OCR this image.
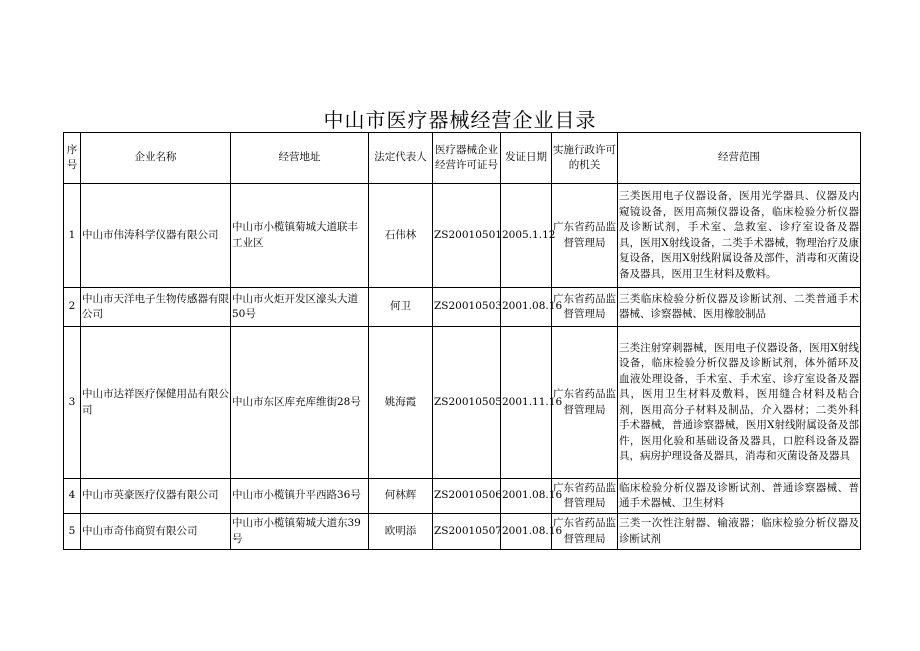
中山市医疗器械经营企业目录
序号	企业名称	经营地址	法定代表人	医疗器械企业经营许可证号	发证日期	实施行政许可的机关	经营范围
1	中山市伟涛科学仪器有限公司	中山市小榄镇菊城大道联丰工业区	石伟林	ZS20010501	2005.1.12	广东省药品监督管理局	三类医用电子仪器设备，医用光学器具、仪器及内窥镜设备，医用高频仪器设备，临床检验分析仪器及诊断试剂，手术室、急救室、诊疗室设备及器具，医用X射线设备，二类手术器械，物理治疗及康复设备，医用X射线附属设备及部件，消毒和灭菌设备及器具，医用卫生材料及敷料。
2	中山市天洋电子生物传感器有限公司	中山市火炬开发区濠头大道50号	何卫	ZS20010503	2001.08.16	广东省药品监督管理局	三类临床检验分析仪器及诊断试剂、二类普通手术器械、诊察器械、医用橡胶制品
3	中山市达祥医疗保健用品有限公司	中山市东区库充库维街28号	姚海霞	ZS20010505	2001.11.16	广东省药品监督管理局	三类注射穿刺器械，医用电子仪器设备，医用X射线设备，临床检验分析仪器及诊断试剂，体外循环及血液处理设备，手术室、手术室、诊疗室设备及器具，医用卫生材料及敷料，医用缝合材料及粘合剂，医用高分子材料及制品，介入器材；二类外科手术器械，普通诊察器械，医用X射线附属设备及部件，医用化验和基础设备及器具，口腔科设备及器具，病房护理设备及器具，消毒和灭菌设备及器具
4	中山市英豪医疗仪器有限公司	中山市小榄镇升平西路36号	何林辉	ZS20010506	2001.08.16	广东省药品监督管理局	临床检验分析仪器及诊断试剂、普通诊察器械、普通手术器械、卫生材料
5	中山市奇伟商贸有限公司	中山市小榄镇菊城大道东39号	欧明添	ZS20010507	2001.08.16	广东省药品监督管理局	三类一次性注射器、输液器；临床检验分析仪器及诊断试剂
